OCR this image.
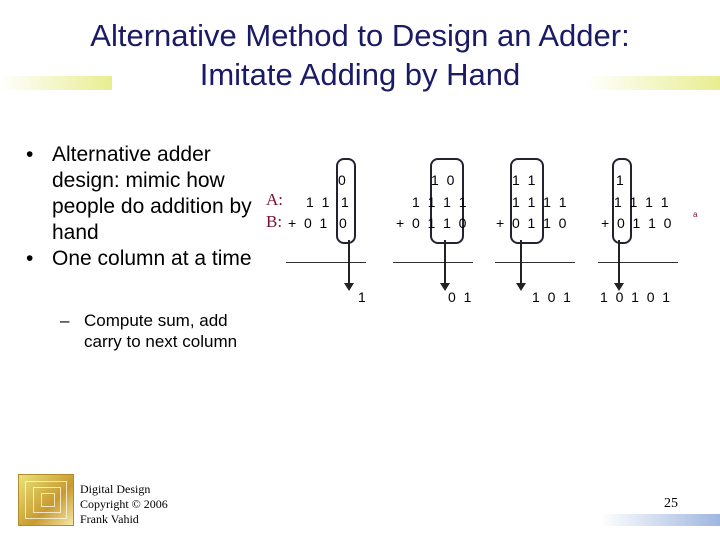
Alternative Method to Design an Adder:
Imitate Adding by Hand

• Alternative adder design: mimic how people do addition by hand

• One column at a time

– Compute sum, add carry to next column
A:
B:
0
1  1   1
+  0  1   0
1
1  0
1  1  1  1
+  0  1  1  0
0  1
1  1
1  1  1  1
+  0  1  1  0
1  0  1
1
1  1  1  1
+  0  1  1  0
1  0  1  0  1
a
Digital Design
Copyright © 2006
Frank Vahid
25
